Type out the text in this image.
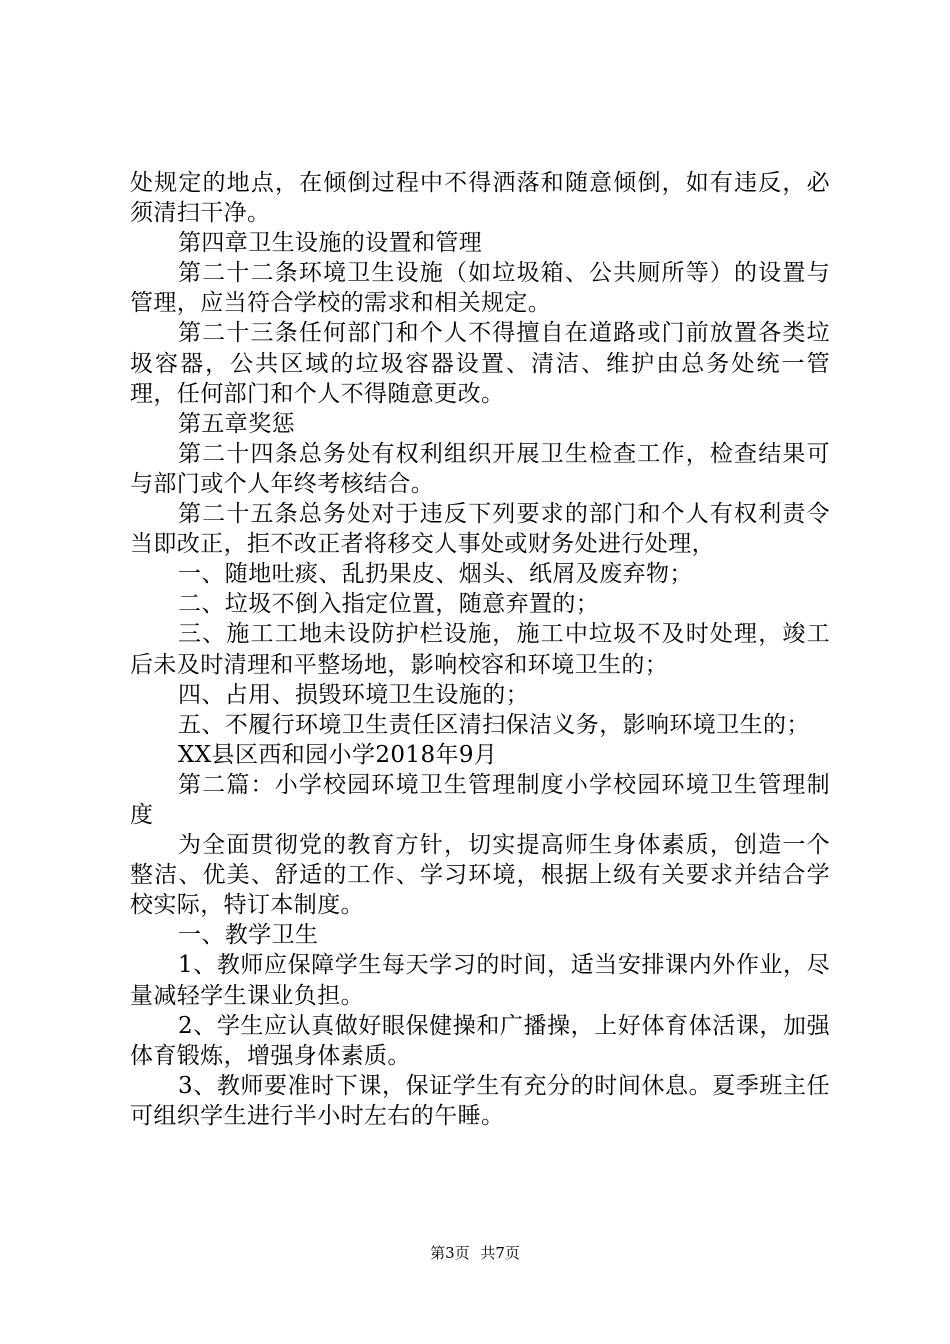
处规定的地点，在倾倒过程中不得洒落和随意倾倒，如有违反，必须清扫干净。

第四章卫生设施的设置和管理

第二十二条环境卫生设施（如垃圾箱、公共厕所等）的设置与管理，应当符合学校的需求和相关规定。

第二十三条任何部门和个人不得擅自在道路或门前放置各类垃圾容器，公共区域的垃圾容器设置、清洁、维护由总务处统一管理，任何部门和个人不得随意更改。

第五章奖惩

第二十四条总务处有权利组织开展卫生检查工作，检查结果可与部门或个人年终考核结合。

第二十五条总务处对于违反下列要求的部门和个人有权利责令当即改正，拒不改正者将移交人事处或财务处进行处理，

一、随地吐痰、乱扔果皮、烟头、纸屑及废弃物；

二、垃圾不倒入指定位置，随意弃置的；

三、施工工地未设防护栏设施，施工中垃圾不及时处理，竣工后未及时清理和平整场地，影响校容和环境卫生的；

四、占用、损毁环境卫生设施的；

五、不履行环境卫生责任区清扫保洁义务，影响环境卫生的；

XX县区西和园小学2018年9月

第二篇：小学校园环境卫生管理制度小学校园环境卫生管理制度

为全面贯彻党的教育方针，切实提高师生身体素质，创造一个整洁、优美、舒适的工作、学习环境，根据上级有关要求并结合学校实际，特订本制度。

一、教学卫生

1、教师应保障学生每天学习的时间，适当安排课内外作业，尽量减轻学生课业负担。

2、学生应认真做好眼保健操和广播操，上好体育体活课，加强体育锻炼，增强身体素质。

3、教师要准时下课，保证学生有充分的时间休息。夏季班主任可组织学生进行半小时左右的午睡。

第3页 共7页
